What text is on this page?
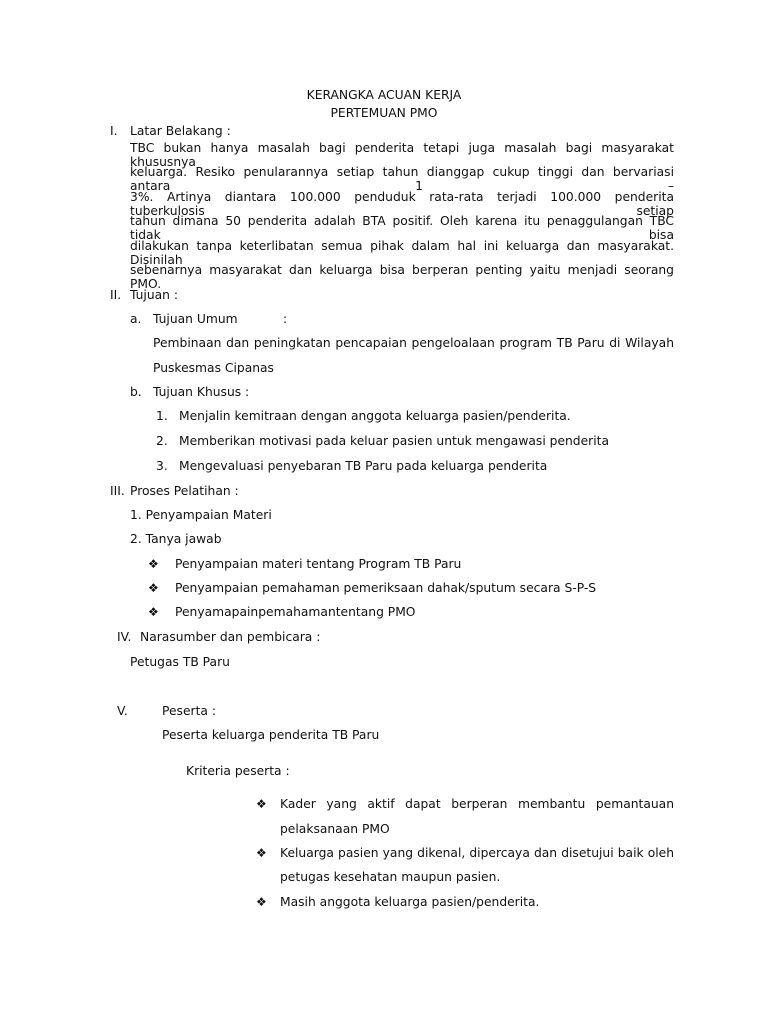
KERANGKA ACUAN KERJA
PERTEMUAN PMO
I. Latar Belakang :
TBC bukan hanya masalah bagi penderita tetapi juga masalah bagi masyarakat khususnya
keluarga. Resiko penularannya setiap tahun dianggap cukup tinggi dan bervariasi antara 1 –
3%. Artinya diantara 100.000 penduduk rata-rata terjadi 100.000 penderita tuberkulosis setiap
tahun dimana 50 penderita adalah BTA positif. Oleh karena itu penaggulangan TBC tidak bisa
dilakukan tanpa keterlibatan semua pihak dalam hal ini keluarga dan masyarakat. Disinilah
sebenarnya masyarakat dan keluarga bisa berperan penting yaitu menjadi seorang PMO.
II. Tujuan :
a. Tujuan Umum	:
Pembinaan dan peningkatan pencapaian pengeloalaan program TB Paru di Wilayah
Puskesmas Cipanas
b. Tujuan Khusus :
1. Menjalin kemitraan dengan anggota keluarga pasien/penderita.
2. Memberikan motivasi pada keluar pasien untuk mengawasi penderita
3. Mengevaluasi penyebaran TB Paru pada keluarga penderita
III. Proses Pelatihan :
1. Penyampaian Materi
2. Tanya jawab
❖ Penyampaian materi tentang Program TB Paru
❖ Penyampaian pemahaman pemeriksaan dahak/sputum secara S-P-S
❖ Penyamapainpemahamantentang PMO
IV. Narasumber dan pembicara :
Petugas TB Paru
V.	Peserta :
Peserta keluarga penderita TB Paru
Kriteria peserta :
❖ Kader yang aktif dapat berperan membantu pemantauan
pelaksanaan PMO
❖ Keluarga pasien yang dikenal, dipercaya dan disetujui baik oleh
petugas kesehatan maupun pasien.
❖ Masih anggota keluarga pasien/penderita.
